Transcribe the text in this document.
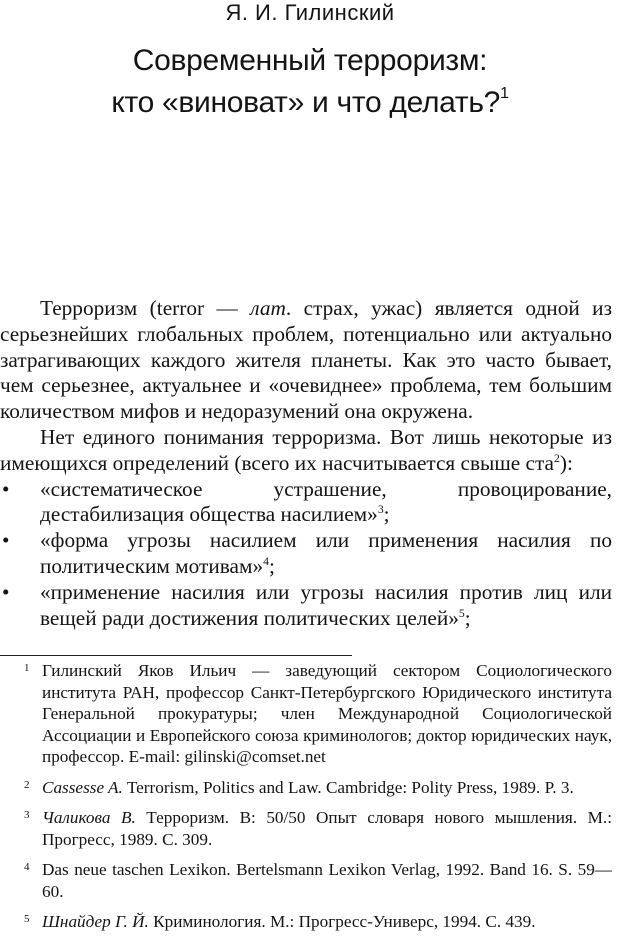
Я. И. Гилинский
Современный терроризм:
кто «виноват» и что делать?$^1$

Терроризм (terror — лат. страх, ужас) является одной из серьезнейших глобальных проблем, потенциально или актуально затрагивающих каждого жителя планеты. Как это часто бывает, чем серьезнее, актуальнее и «очевиднее» проблема, тем большим количеством мифов и недоразумений она окружена.

Нет единого понимания терроризма. Вот лишь некоторые из имеющихся определений (всего их насчитывается свыше ста$^2$):

• «систематическое устрашение, провоцирование, дестабилизация общества насилием»$^3$;
• «форма угрозы насилием или применения насилия по политическим мотивам»$^4$;
• «применение насилия или угрозы насилия против лиц или вещей ради достижения политических целей»$^5$;
1 Гилинский Яков Ильич — заведующий сектором Социологического института РАН, профессор Санкт-Петербургского Юридического института Генеральной прокуратуры; член Международной Социологической Ассоциации и Европейского союза криминологов; доктор юридических наук, профессор. E-mail: gilinski@comset.net
2 Cassesse A. Terrorism, Politics and Law. Cambridge: Polity Press, 1989. P. 3.
3 Чаликова В. Терроризм. В: 50/50 Опыт словаря нового мышления. М.: Прогресс, 1989. С. 309.
4 Das neue taschen Lexikon. Bertelsmann Lexikon Verlag, 1992. Band 16. S. 59—60.
5 Шнайдер Г. Й. Криминология. М.: Прогресс-Универс, 1994. С. 439.
